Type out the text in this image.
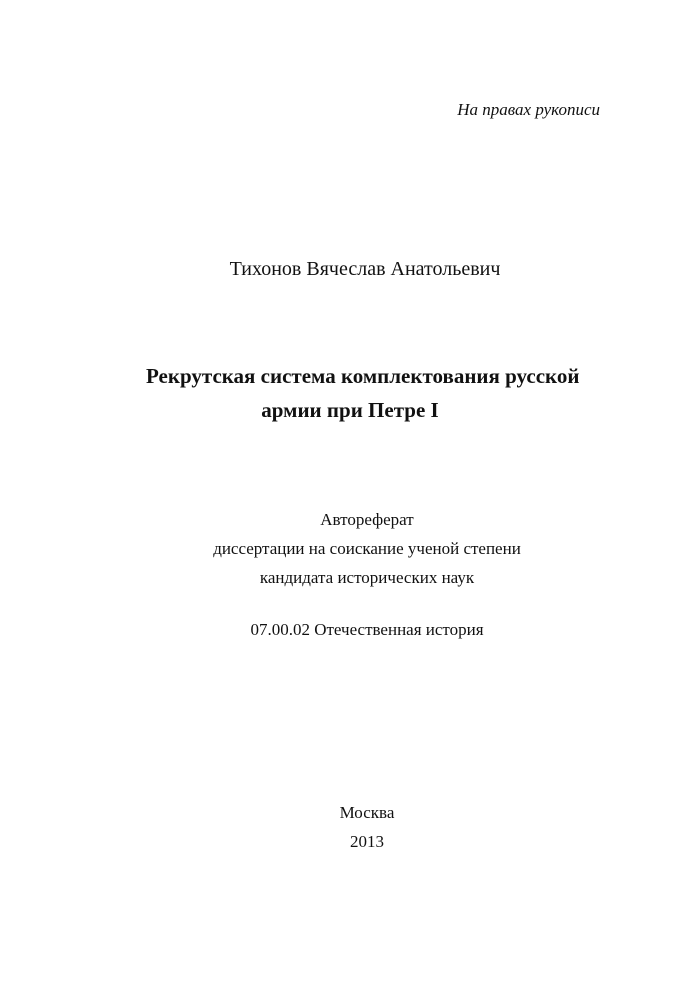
На правах рукописи

Тихонов Вячеслав Анатольевич

Рекрутская система комплектования русской

армии при Петре I

Автореферат

диссертации на соискание ученой степени

кандидата исторических наук

07.00.02 Отечественная история

Москва

2013
